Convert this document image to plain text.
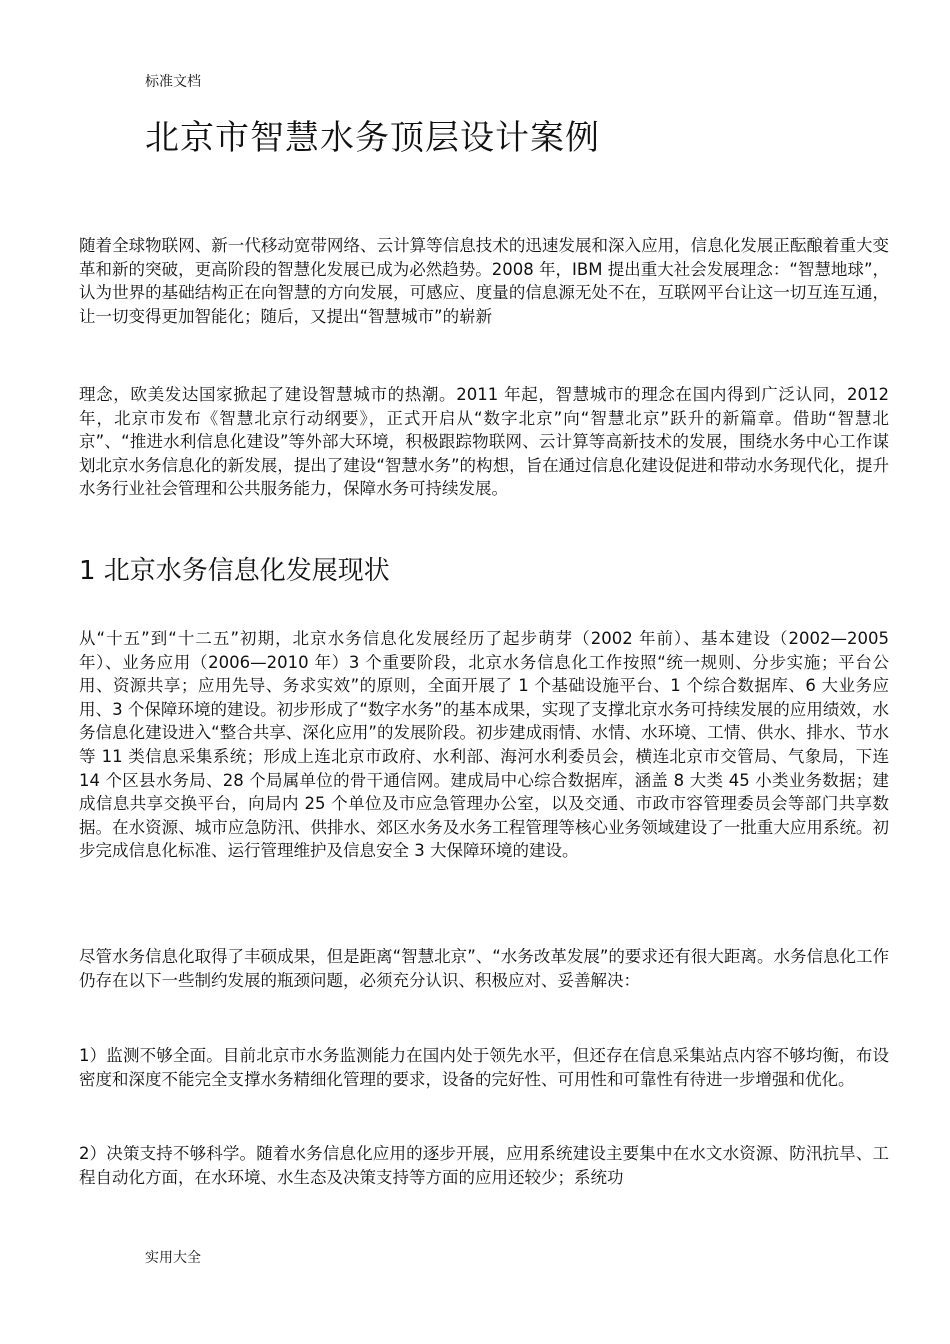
标准文档
北京市智慧水务顶层设计案例

随着全球物联网、新一代移动宽带网络、云计算等信息技术的迅速发展和深入应用，信息化发展正酝酿着重大变革和新的突破，更高阶段的智慧化发展已成为必然趋势。2008 年，IBM 提出重大社会发展理念：“智慧地球”，认为世界的基础结构正在向智慧的方向发展，可感应、度量的信息源无处不在，互联网平台让这一切互连互通，让一切变得更加智能化；随后，又提出“智慧城市”的崭新

理念，欧美发达国家掀起了建设智慧城市的热潮。2011 年起，智慧城市的理念在国内得到广泛认同，2012 年，北京市发布《智慧北京行动纲要》，正式开启从“数字北京”向“智慧北京”跃升的新篇章。借助“智慧北京”、“推进水利信息化建设”等外部大环境，积极跟踪物联网、云计算等高新技术的发展，围绕水务中心工作谋划北京水务信息化的新发展，提出了建设“智慧水务”的构想，旨在通过信息化建设促进和带动水务现代化，提升水务行业社会管理和公共服务能力，保障水务可持续发展。

1 北京水务信息化发展现状

从“十五”到“十二五”初期，北京水务信息化发展经历了起步萌芽（2002 年前）、基本建设（2002—2005 年）、业务应用（2006—2010 年）3 个重要阶段，北京水务信息化工作按照“统一规则、分步实施；平台公用、资源共享；应用先导、务求实效”的原则，全面开展了 1 个基础设施平台、1 个综合数据库、6 大业务应用、3 个保障环境的建设。初步形成了“数字水务”的基本成果，实现了支撑北京水务可持续发展的应用绩效，水务信息化建设进入“整合共享、深化应用”的发展阶段。初步建成雨情、水情、水环境、工情、供水、排水、节水等 11 类信息采集系统；形成上连北京市政府、水利部、海河水利委员会，横连北京市交管局、气象局，下连 14 个区县水务局、28 个局属单位的骨干通信网。建成局中心综合数据库，涵盖 8 大类 45 小类业务数据；建成信息共享交换平台，向局内 25 个单位及市应急管理办公室，以及交通、市政市容管理委员会等部门共享数据。在水资源、城市应急防汛、供排水、郊区水务及水务工程管理等核心业务领域建设了一批重大应用系统。初步完成信息化标准、运行管理维护及信息安全 3 大保障环境的建设。

尽管水务信息化取得了丰硕成果，但是距离“智慧北京”、“水务改革发展”的要求还有很大距离。水务信息化工作仍存在以下一些制约发展的瓶颈问题，必须充分认识、积极应对、妥善解决：

1）监测不够全面。目前北京市水务监测能力在国内处于领先水平，但还存在信息采集站点内容不够均衡，布设密度和深度不能完全支撑水务精细化管理的要求，设备的完好性、可用性和可靠性有待进一步增强和优化。

2）决策支持不够科学。随着水务信息化应用的逐步开展，应用系统建设主要集中在水文水资源、防汛抗旱、工程自动化方面，在水环境、水生态及决策支持等方面的应用还较少；系统功

实用大全
